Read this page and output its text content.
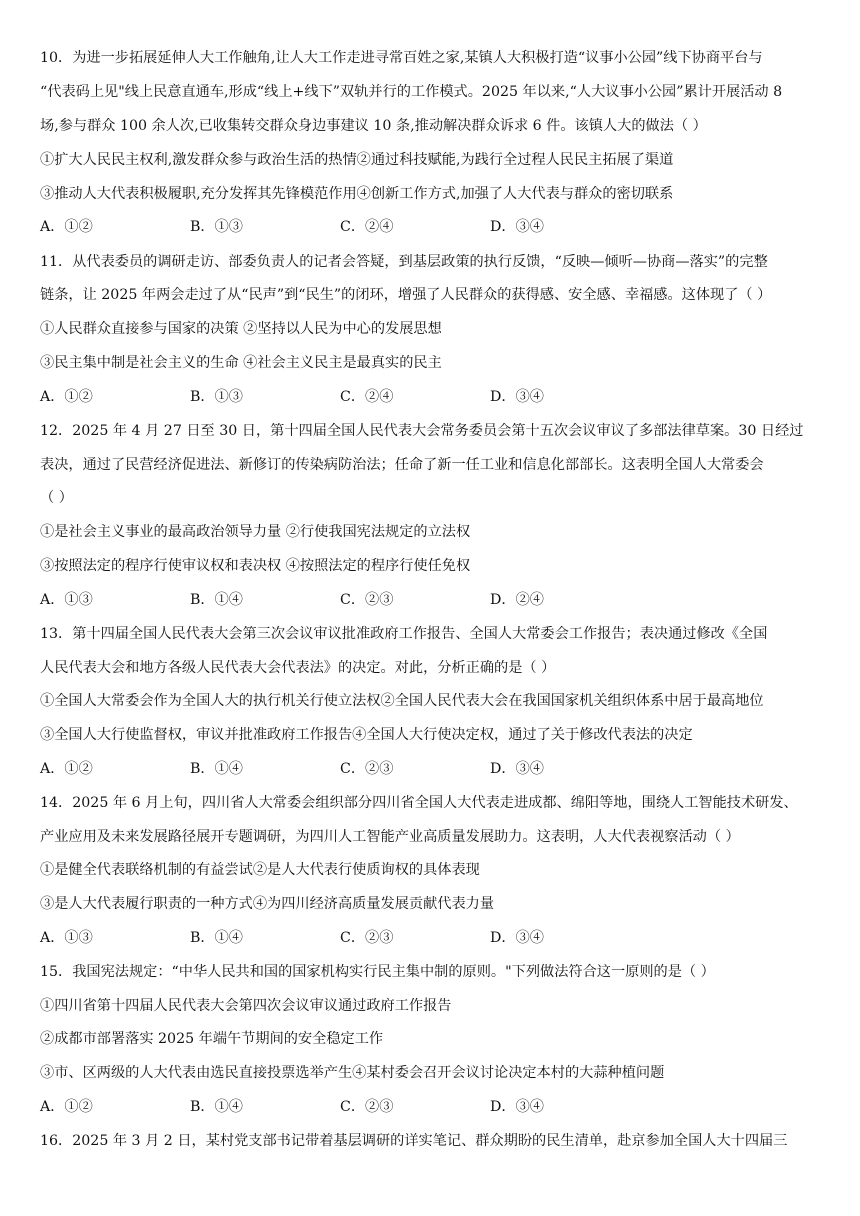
10．为进一步拓展延伸人大工作触角,让人大工作走进寻常百姓之家,某镇人大积极打造“议事小公园”线下协商平台与
“代表码上见"线上民意直通车,形成“线上+线下”双轨并行的工作模式。2025 年以来,“人大议事小公园”累计开展活动 8
场,参与群众 100 余人次,已收集转交群众身边事建议 10 条,推动解决群众诉求 6 件。该镇人大的做法（ ）
①扩大人民民主权利,激发群众参与政治生活的热情②通过科技赋能,为践行全过程人民民主拓展了渠道
③推动人大代表积极履职,充分发挥其先锋模范作用④创新工作方式,加强了人大代表与群众的密切联系
A．①②	B．①③	C．②④	D．③④
11．从代表委员的调研走访、部委负责人的记者会答疑，到基层政策的执行反馈，“反映—倾听—协商—落实”的完整
链条，让 2025 年两会走过了从“民声”到“民生”的闭环，增强了人民群众的获得感、安全感、幸福感。这体现了（ ）
①人民群众直接参与国家的决策 ②坚持以人民为中心的发展思想
③民主集中制是社会主义的生命 ④社会主义民主是最真实的民主
A．①②	B．①③	C．②④	D．③④
12．2025 年 4 月 27 日至 30 日，第十四届全国人民代表大会常务委员会第十五次会议审议了多部法律草案。30 日经过
表决，通过了民营经济促进法、新修订的传染病防治法；任命了新一任工业和信息化部部长。这表明全国人大常委会
（ ）
①是社会主义事业的最高政治领导力量 ②行使我国宪法规定的立法权
③按照法定的程序行使审议权和表决权 ④按照法定的程序行使任免权
A．①③	B．①④	C．②③	D．②④
13．第十四届全国人民代表大会第三次会议审议批准政府工作报告、全国人大常委会工作报告；表决通过修改《全国
人民代表大会和地方各级人民代表大会代表法》的决定。对此，分析正确的是（ ）
①全国人大常委会作为全国人大的执行机关行使立法权②全国人民代表大会在我国国家机关组织体系中居于最高地位
③全国人大行使监督权，审议并批准政府工作报告④全国人大行使决定权，通过了关于修改代表法的决定
A．①②	B．①④	C．②③	D．③④
14．2025 年 6 月上旬，四川省人大常委会组织部分四川省全国人大代表走进成都、绵阳等地，围绕人工智能技术研发、
产业应用及未来发展路径展开专题调研，为四川人工智能产业高质量发展助力。这表明，人大代表视察活动（ ）
①是健全代表联络机制的有益尝试②是人大代表行使质询权的具体表现
③是人大代表履行职责的一种方式④为四川经济高质量发展贡献代表力量
A．①③	B．①④	C．②③	D．③④
15．我国宪法规定：“中华人民共和国的国家机构实行民主集中制的原则。"下列做法符合这一原则的是（ ）
①四川省第十四届人民代表大会第四次会议审议通过政府工作报告
②成都市部署落实 2025 年端午节期间的安全稳定工作
③市、区两级的人大代表由选民直接投票选举产生④某村委会召开会议讨论决定本村的大蒜种植问题
A．①②	B．①④	C．②③	D．③④
16．2025 年 3 月 2 日，某村党支部书记带着基层调研的详实笔记、群众期盼的民生清单，赴京参加全国人大十四届三
